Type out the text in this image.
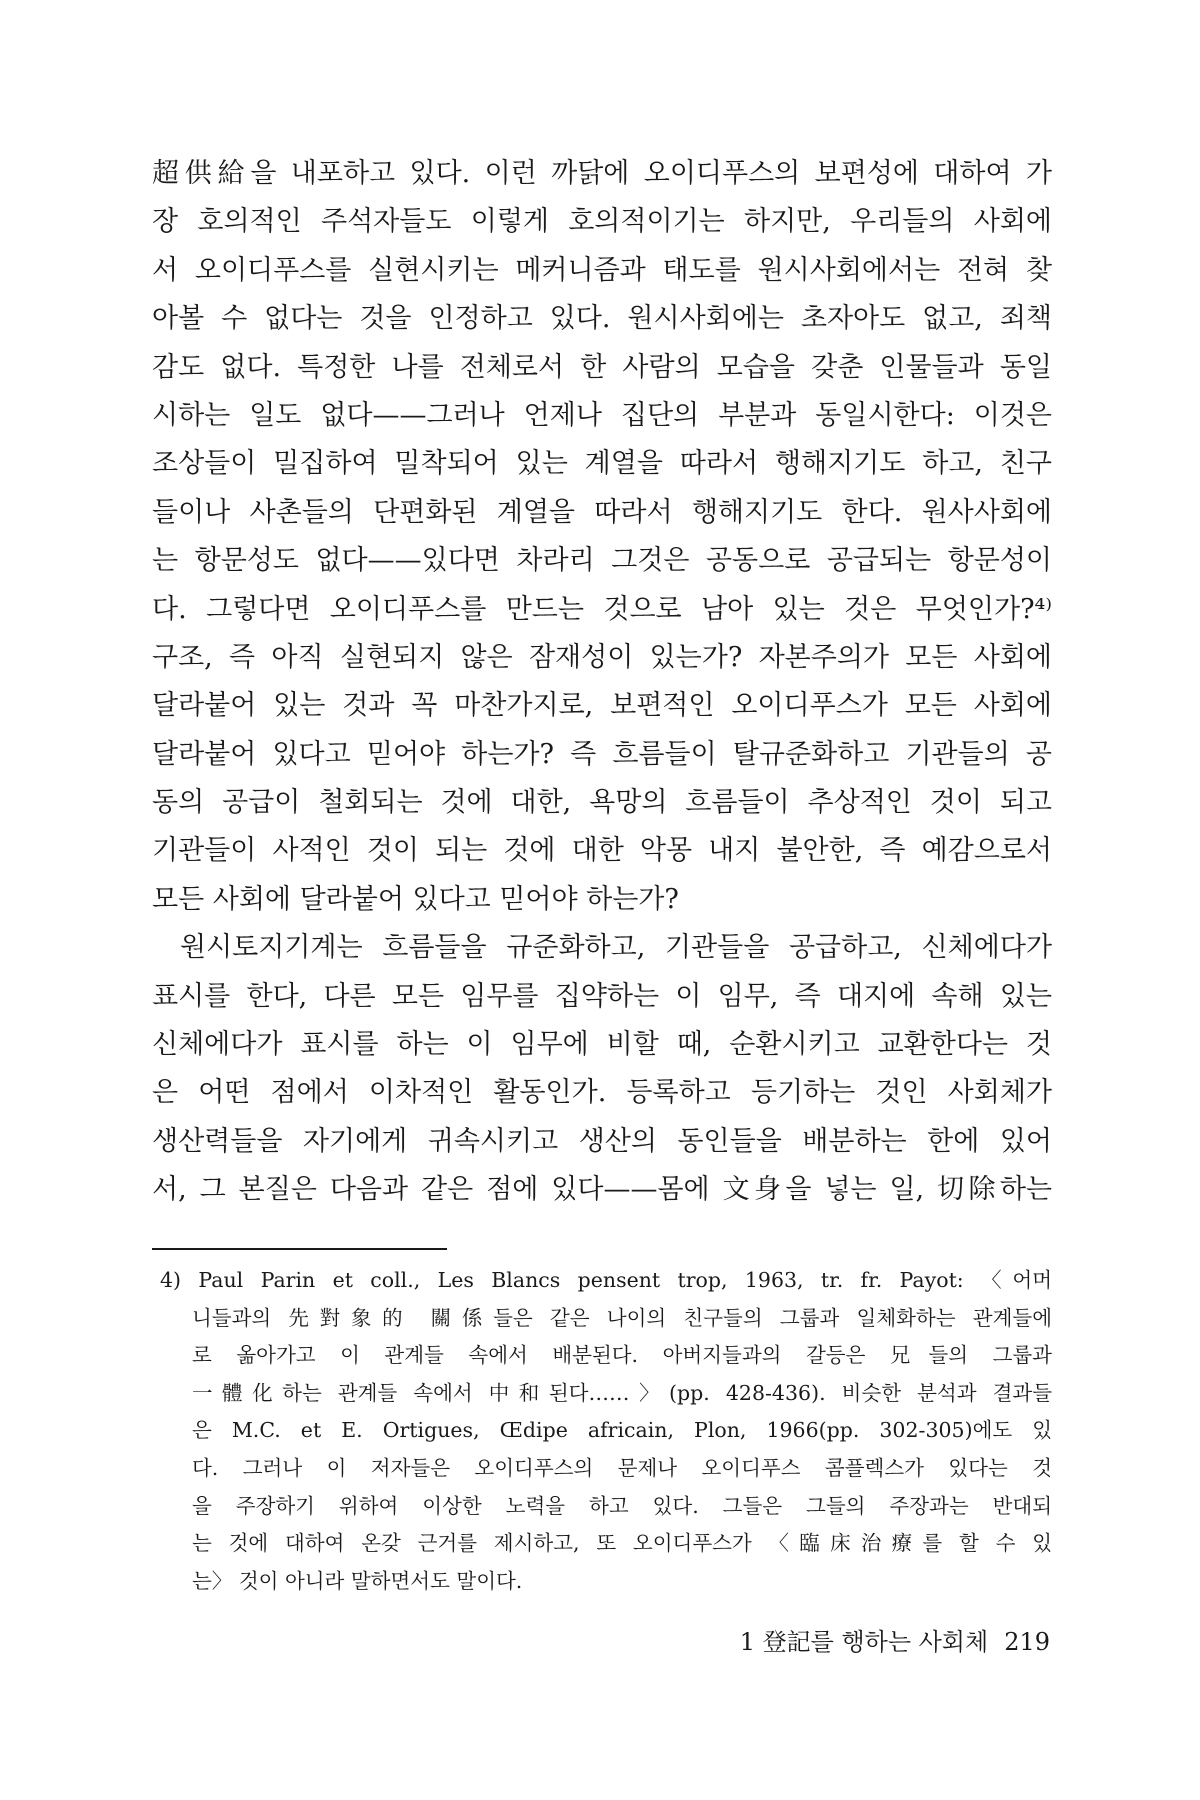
超供給을 내포하고 있다. 이런 까닭에 오이디푸스의 보편성에 대하여 가
장 호의적인 주석자들도 이렇게 호의적이기는 하지만, 우리들의 사회에
서 오이디푸스를 실현시키는 메커니즘과 태도를 원시사회에서는 전혀 찾
아볼 수 없다는 것을 인정하고 있다. 원시사회에는 초자아도 없고, 죄책
감도 없다. 특정한 나를 전체로서 한 사람의 모습을 갖춘 인물들과 동일
시하는 일도 없다——그러나 언제나 집단의 부분과 동일시한다: 이것은
조상들이 밀집하여 밀착되어 있는 계열을 따라서 행해지기도 하고, 친구
들이나 사촌들의 단편화된 계열을 따라서 행해지기도 한다. 원사사회에
는 항문성도 없다——있다면 차라리 그것은 공동으로 공급되는 항문성이
다. 그렇다면 오이디푸스를 만드는 것으로 남아 있는 것은 무엇인가?⁴⁾
구조, 즉 아직 실현되지 않은 잠재성이 있는가? 자본주의가 모든 사회에
달라붙어 있는 것과 꼭 마찬가지로, 보편적인 오이디푸스가 모든 사회에
달라붙어 있다고 믿어야 하는가? 즉 흐름들이 탈규준화하고 기관들의 공
동의 공급이 철회되는 것에 대한, 욕망의 흐름들이 추상적인 것이 되고
기관들이 사적인 것이 되는 것에 대한 악몽 내지 불안한, 즉 예감으로서
모든 사회에 달라붙어 있다고 믿어야 하는가?
원시토지기계는 흐름들을 규준화하고, 기관들을 공급하고, 신체에다가
표시를 한다, 다른 모든 임무를 집약하는 이 임무, 즉 대지에 속해 있는
신체에다가 표시를 하는 이 임무에 비할 때, 순환시키고 교환한다는 것
은 어떤 점에서 이차적인 활동인가. 등록하고 등기하는 것인 사회체가
생산력들을 자기에게 귀속시키고 생산의 동인들을 배분하는 한에 있어
서, 그 본질은 다음과 같은 점에 있다——몸에 文身을 넣는 일, 切除하는
4) Paul Parin et coll., Les Blancs pensent trop, 1963, tr. fr. Payot: 〈어머
니들과의 先對象的 關係들은 같은 나이의 친구들의 그룹과 일체화하는 관계들에
로 옮아가고 이 관계들 속에서 배분된다. 아버지들과의 갈등은 兄들의 그룹과
一體化하는 관계들 속에서 中和된다……〉(pp. 428-436). 비슷한 분석과 결과들
은 M.C. et E. Ortigues, Œdipe africain, Plon, 1966(pp. 302-305)에도 있
다. 그러나 이 저자들은 오이디푸스의 문제나 오이디푸스 콤플렉스가 있다는 것
을 주장하기 위하여 이상한 노력을 하고 있다. 그들은 그들의 주장과는 반대되
는 것에 대하여 온갖 근거를 제시하고, 또 오이디푸스가 〈臨床治療를 할 수 있
는〉 것이 아니라 말하면서도 말이다.
1 登記를 행하는 사회체 219
